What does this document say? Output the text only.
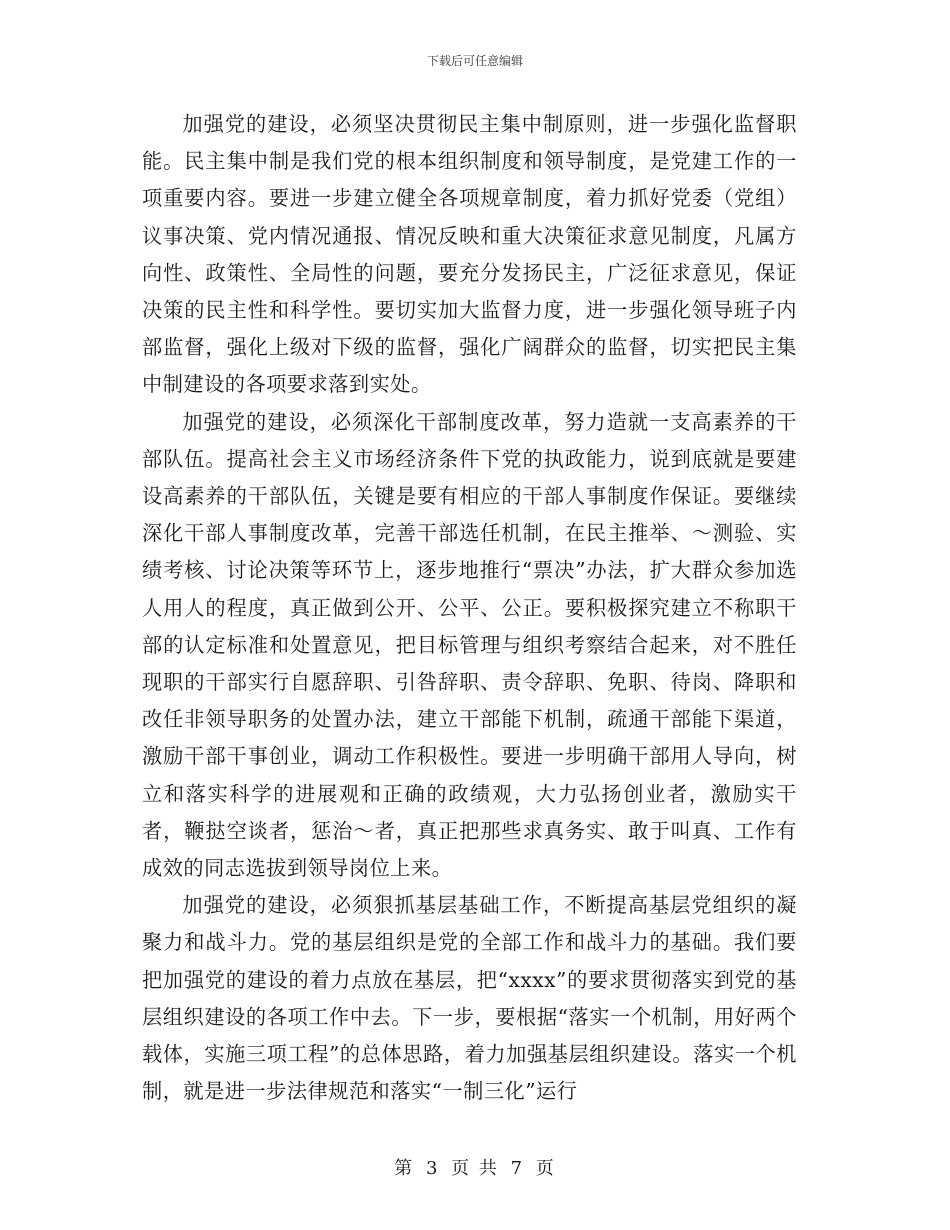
下载后可任意编辑

加强党的建设，必须坚决贯彻民主集中制原则，进一步强化监督职能。民主集中制是我们党的根本组织制度和领导制度，是党建工作的一项重要内容。要进一步建立健全各项规章制度，着力抓好党委（党组）议事决策、党内情况通报、情况反映和重大决策征求意见制度，凡属方向性、政策性、全局性的问题，要充分发扬民主，广泛征求意见，保证决策的民主性和科学性。要切实加大监督力度，进一步强化领导班子内部监督，强化上级对下级的监督，强化广阔群众的监督，切实把民主集中制建设的各项要求落到实处。

加强党的建设，必须深化干部制度改革，努力造就一支高素养的干部队伍。提高社会主义市场经济条件下党的执政能力，说到底就是要建设高素养的干部队伍，关键是要有相应的干部人事制度作保证。要继续深化干部人事制度改革，完善干部选任机制，在民主推举、～测验、实绩考核、讨论决策等环节上，逐步地推行“票决”办法，扩大群众参加选人用人的程度，真正做到公开、公平、公正。要积极探究建立不称职干部的认定标准和处置意见，把目标管理与组织考察结合起来，对不胜任现职的干部实行自愿辞职、引咎辞职、责令辞职、免职、待岗、降职和改任非领导职务的处置办法，建立干部能下机制，疏通干部能下渠道，激励干部干事创业，调动工作积极性。要进一步明确干部用人导向，树立和落实科学的进展观和正确的政绩观，大力弘扬创业者，激励实干者，鞭挞空谈者，惩治～者，真正把那些求真务实、敢于叫真、工作有成效的同志选拔到领导岗位上来。

加强党的建设，必须狠抓基层基础工作，不断提高基层党组织的凝聚力和战斗力。党的基层组织是党的全部工作和战斗力的基础。我们要把加强党的建设的着力点放在基层，把“xxxx”的要求贯彻落实到党的基层组织建设的各项工作中去。下一步，要根据“落实一个机制，用好两个载体，实施三项工程”的总体思路，着力加强基层组织建设。落实一个机制，就是进一步法律规范和落实“一制三化”运行

第 3 页 共 7 页
